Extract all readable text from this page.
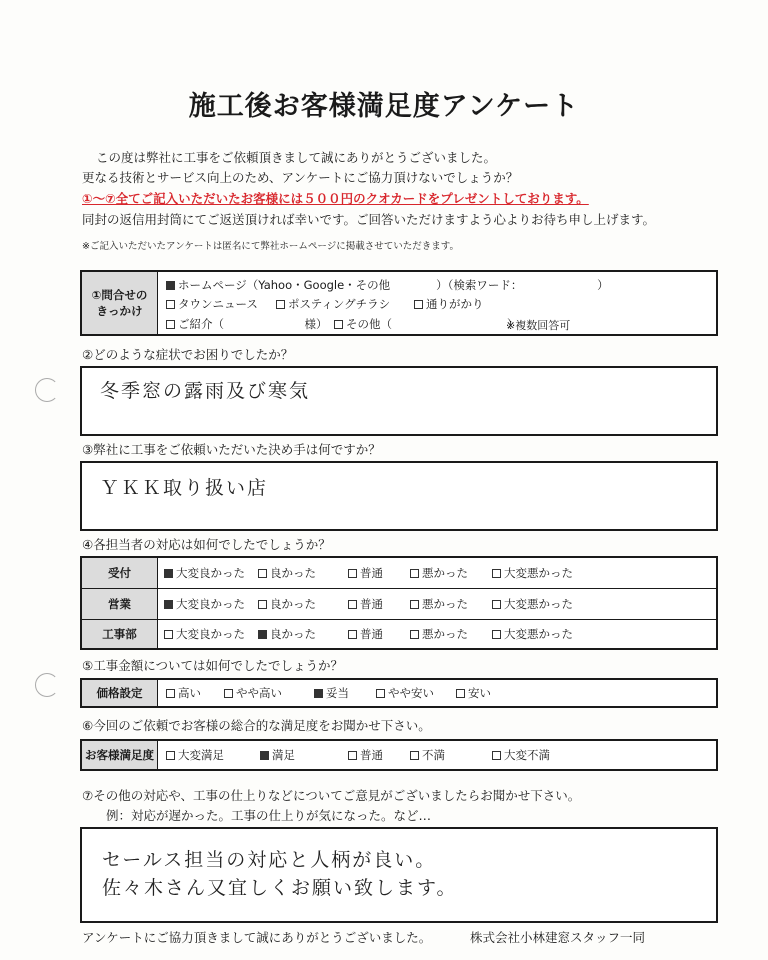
施工後お客様満足度アンケート
この度は弊社に工事をご依頼頂きまして誠にありがとうございました。
更なる技術とサービス向上のため、アンケートにご協力頂けないでしょうか？
①～⑦全てご記入いただいたお客様には５００円のクオカードをプレゼントしております。
同封の返信用封筒にてご返送頂ければ幸いです。ご回答いただけますよう心よりお待ち申し上げます。
※ご記入いただいたアンケートは匿名にて弊社ホームページに掲載させていただきます。
①問合せの
きっかけ
ホームページ（Yahoo・Google・その他　　　　）（検索ワード：　　　　　　　）
タウンニュース	ポスティングチラシ	通りがかり
ご紹介（　　　　　　　様） その他（　　　　　　　　　　）
※複数回答可
②どのような症状でお困りでしたか？
冬季窓の露雨及び寒気
③弊社に工事をご依頼いただいた決め手は何ですか？
ＹＫＫ取り扱い店
④各担当者の対応は如何でしたでしょうか？
受付	大変良かった 良かった	普通	悪かった	大変悪かった
営業	大変良かった 良かった	普通	悪かった	大変悪かった
工事部	大変良かった 良かった	普通	悪かった	大変悪かった
⑤工事金額については如何でしたでしょうか？
価格設定	高い	やや高い	妥当	やや安い	安い
⑥今回のご依頼でお客様の総合的な満足度をお聞かせ下さい。
お客様満足度	大変満足	満足	普通	不満	大変不満
⑦その他の対応や、工事の仕上りなどについてご意見がございましたらお聞かせ下さい。
例：対応が遅かった。工事の仕上りが気になった。など…
セールス担当の対応と人柄が良い。
佐々木さん又宜しくお願い致します。
アンケートにご協力頂きまして誠にありがとうございました。	株式会社小林建窓スタッフ一同
